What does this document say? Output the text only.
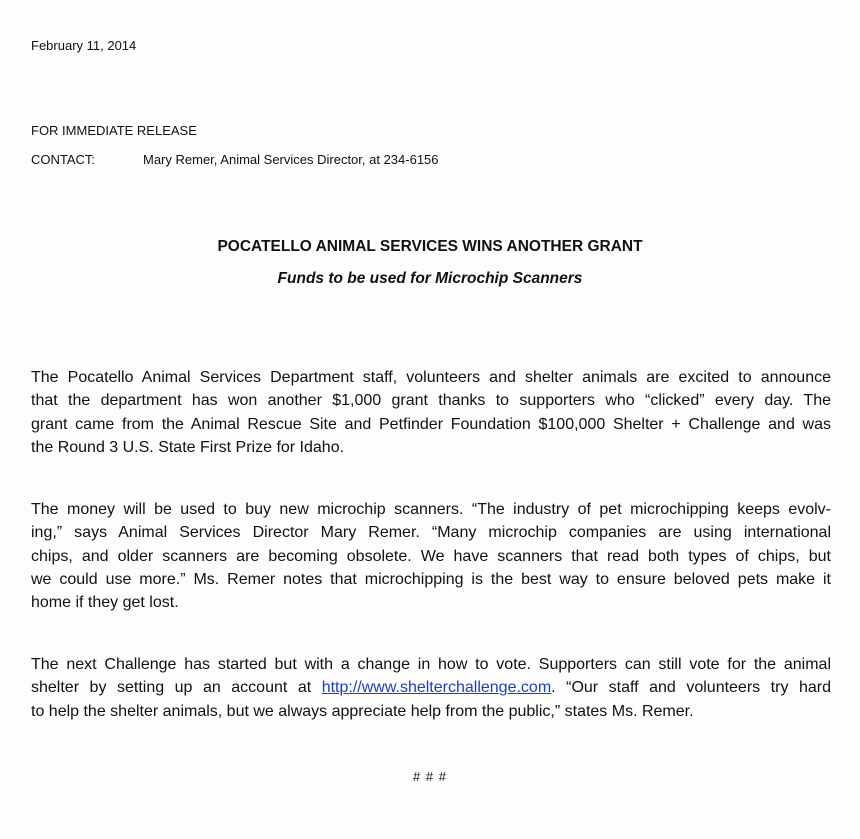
February 11, 2014
FOR IMMEDIATE RELEASE
CONTACT:	Mary Remer, Animal Services Director, at 234-6156
POCATELLO ANIMAL SERVICES WINS ANOTHER GRANT
Funds to be used for Microchip Scanners
The Pocatello Animal Services Department staff, volunteers and shelter animals are excited to announce
that the department has won another $1,000 grant thanks to supporters who “clicked” every day. The
grant came from the Animal Rescue Site and Petfinder Foundation $100,000 Shelter + Challenge and was
the Round 3 U.S. State First Prize for Idaho.
The money will be used to buy new microchip scanners. “The industry of pet microchipping keeps evolv-
ing,” says Animal Services Director Mary Remer. “Many microchip companies are using international
chips, and older scanners are becoming obsolete. We have scanners that read both types of chips, but
we could use more.” Ms. Remer notes that microchipping is the best way to ensure beloved pets make it
home if they get lost.
The next Challenge has started but with a change in how to vote. Supporters can still vote for the animal
shelter by setting up an account at http://www.shelterchallenge.com. “Our staff and volunteers try hard
to help the shelter animals, but we always appreciate help from the public,” states Ms. Remer.
# # #
